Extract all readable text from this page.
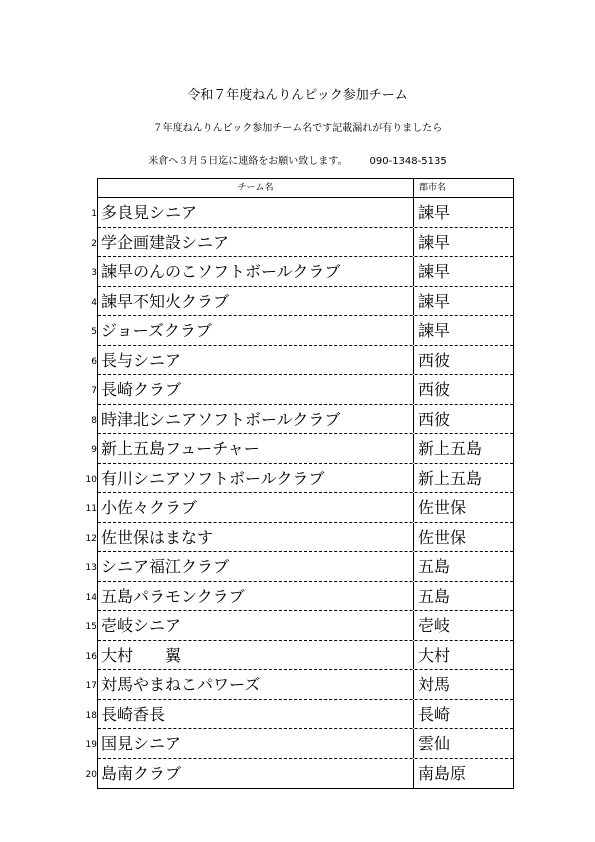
令和７年度ねんりんピック参加チーム
７年度ねんりんピック参加チーム名です記載漏れが有りましたら
米倉へ３月５日迄に連絡をお願い致します。 090-1348-5135
チーム名	郡市名
1 多良見シニア	諫早
2 学企画建設シニア	諫早
3 諫早のんのこソフトボールクラブ	諫早
4 諫早不知火クラブ	諫早
5 ジョーズクラブ	諫早
6 長与シニア	西彼
7 長崎クラブ	西彼
8 時津北シニアソフトボールクラブ	西彼
9 新上五島フューチャー	新上五島
10 有川シニアソフトボールクラブ	新上五島
11 小佐々クラブ	佐世保
12 佐世保はまなす	佐世保
13 シニア福江クラブ	五島
14 五島パラモンクラブ	五島
15 壱岐シニア	壱岐
16 大村　　翼	大村
17 対馬やまねこパワーズ	対馬
18 長崎香長	長崎
19 国見シニア	雲仙
20 島南クラブ	南島原
